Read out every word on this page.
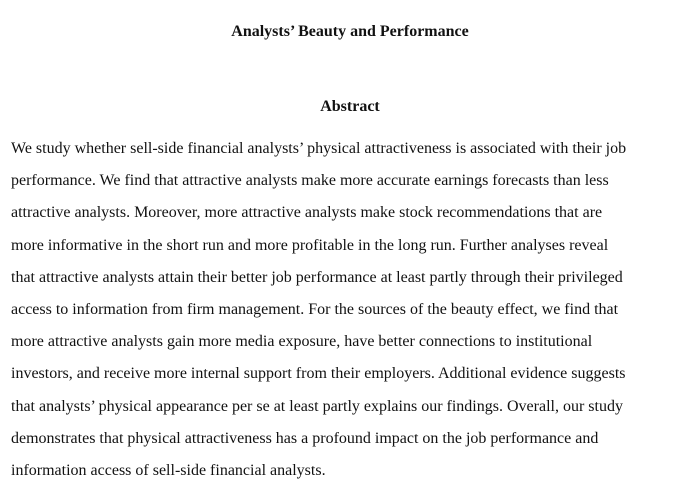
Analysts’ Beauty and Performance
Abstract
We study whether sell-side financial analysts’ physical attractiveness is associated with their job
performance. We find that attractive analysts make more accurate earnings forecasts than less
attractive analysts. Moreover, more attractive analysts make stock recommendations that are
more informative in the short run and more profitable in the long run. Further analyses reveal
that attractive analysts attain their better job performance at least partly through their privileged
access to information from firm management. For the sources of the beauty effect, we find that
more attractive analysts gain more media exposure, have better connections to institutional
investors, and receive more internal support from their employers. Additional evidence suggests
that analysts’ physical appearance per se at least partly explains our findings. Overall, our study
demonstrates that physical attractiveness has a profound impact on the job performance and
information access of sell-side financial analysts.
